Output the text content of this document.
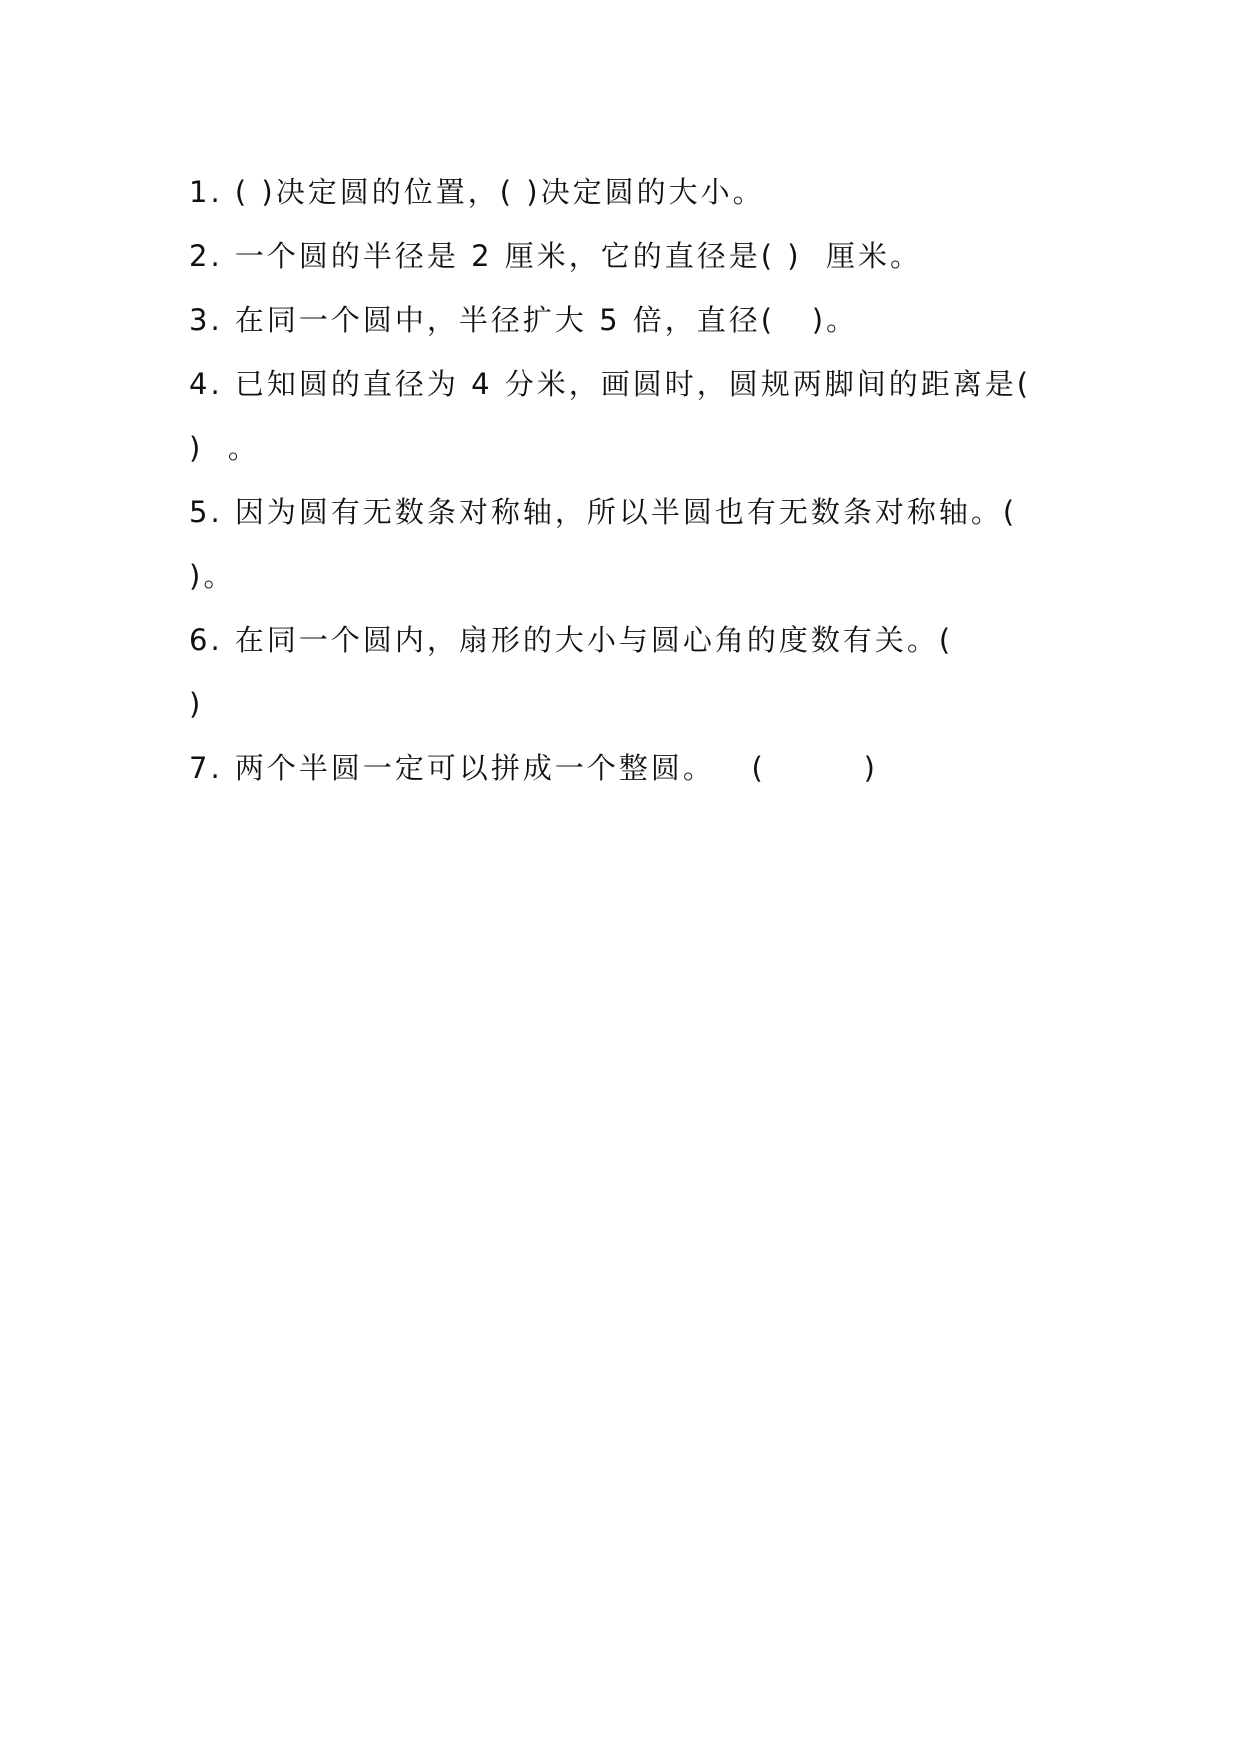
1. ( )决定圆的位置，( )决定圆的大小。
2. 一个圆的半径是 2 厘米，它的直径是( )  厘米。
3. 在同一个圆中，半径扩大 5 倍，直径(   )。
4. 已知圆的直径为 4 分米，画圆时，圆规两脚间的距离是(
)  。
5. 因为圆有无数条对称轴，所以半圆也有无数条对称轴。(
)。
6. 在同一个圆内，扇形的大小与圆心角的度数有关。(
)
7. 两个半圆一定可以拼成一个整圆。   (        )
